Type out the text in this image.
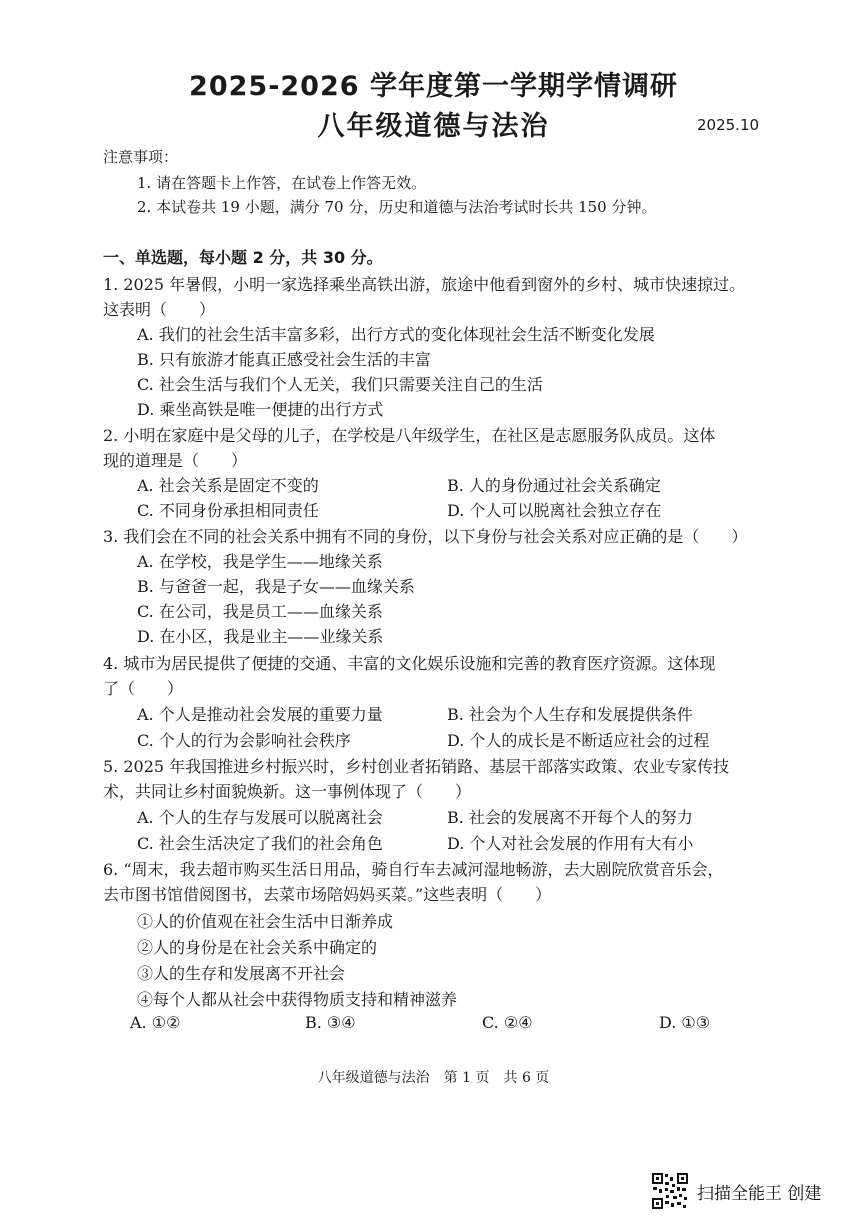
2025-2026 学年度第一学期学情调研
八年级道德与法治	2025.10
注意事项：
1. 请在答题卡上作答，在试卷上作答无效。
2. 本试卷共 19 小题，满分 70 分，历史和道德与法治考试时长共 150 分钟。
一、单选题，每小题 2 分，共 30 分。
1. 2025 年暑假，小明一家选择乘坐高铁出游，旅途中他看到窗外的乡村、城市快速掠过。
这表明（　　）
A. 我们的社会生活丰富多彩，出行方式的变化体现社会生活不断变化发展
B. 只有旅游才能真正感受社会生活的丰富
C. 社会生活与我们个人无关，我们只需要关注自己的生活
D. 乘坐高铁是唯一便捷的出行方式
2. 小明在家庭中是父母的儿子，在学校是八年级学生，在社区是志愿服务队成员。这体
现的道理是（　　）
A. 社会关系是固定不变的	B. 人的身份通过社会关系确定
C. 不同身份承担相同责任	D. 个人可以脱离社会独立存在
3. 我们会在不同的社会关系中拥有不同的身份，以下身份与社会关系对应正确的是（　　）
A. 在学校，我是学生——地缘关系
B. 与爸爸一起，我是子女——血缘关系
C. 在公司，我是员工——血缘关系
D. 在小区，我是业主——业缘关系
4. 城市为居民提供了便捷的交通、丰富的文化娱乐设施和完善的教育医疗资源。这体现
了（　　）
A. 个人是推动社会发展的重要力量	B. 社会为个人生存和发展提供条件
C. 个人的行为会影响社会秩序	D. 个人的成长是不断适应社会的过程
5. 2025 年我国推进乡村振兴时，乡村创业者拓销路、基层干部落实政策、农业专家传技
术，共同让乡村面貌焕新。这一事例体现了（　　）
A. 个人的生存与发展可以脱离社会	B. 社会的发展离不开每个人的努力
C. 社会生活决定了我们的社会角色	D. 个人对社会发展的作用有大有小
6. “周末，我去超市购买生活日用品，骑自行车去减河湿地畅游，去大剧院欣赏音乐会，
去市图书馆借阅图书，去菜市场陪妈妈买菜。”这些表明（　　）
①人的价值观在社会生活中日渐养成
②人的身份是在社会关系中确定的
③人的生存和发展离不开社会
④每个人都从社会中获得物质支持和精神滋养
A. ①②	B. ③④	C. ②④	D. ①③
八年级道德与法治　第 1 页　共 6 页
扫描全能王 创建
